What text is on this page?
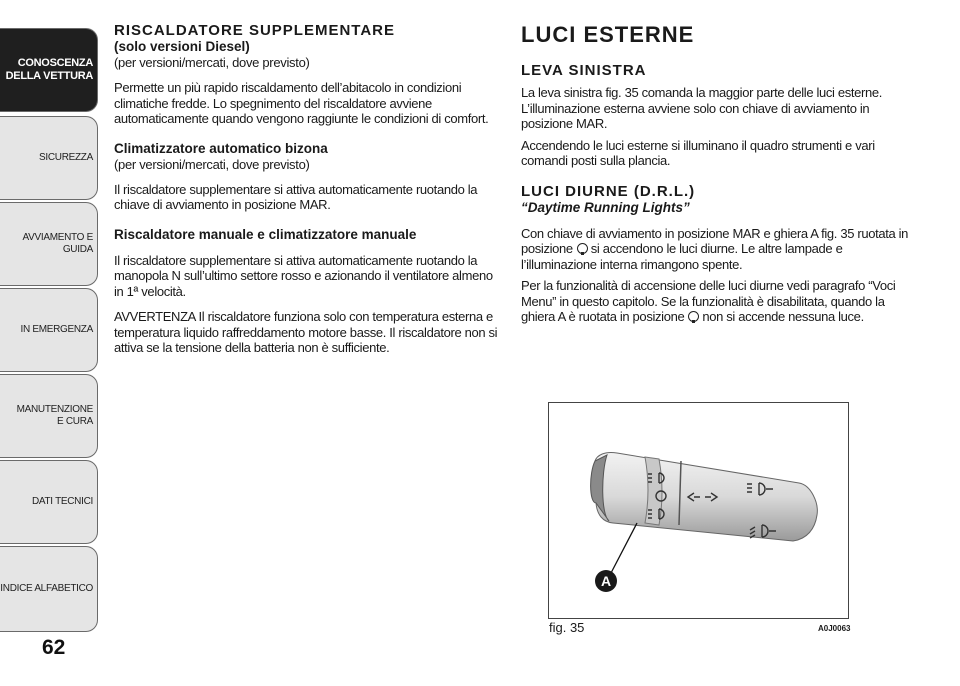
CONOSCENZA DELLA VETTURA
SICUREZZA
AVVIAMENTO E GUIDA
IN EMERGENZA
MANUTENZIONE E CURA
DATI TECNICI
INDICE ALFABETICO
62
RISCALDATORE SUPPLEMENTARE
(solo versioni Diesel)
(per versioni/mercati, dove previsto)

Permette un più rapido riscaldamento dell’abitacolo in condizioni climatiche fredde. Lo spegnimento del riscaldatore avviene automaticamente quando vengono raggiunte le condizioni di comfort.

Climatizzatore automatico bizona
(per versioni/mercati, dove previsto)

Il riscaldatore supplementare si attiva automaticamente ruotando la chiave di avviamento in posizione MAR.

Riscaldatore manuale e climatizzatore manuale

Il riscaldatore supplementare si attiva automaticamente ruotando la manopola N sull’ultimo settore rosso e azionando il ventilatore almeno in 1ª velocità.

AVVERTENZA Il riscaldatore funziona solo con temperatura esterna e temperatura liquido raffreddamento motore basse. Il riscaldatore non si attiva se la tensione della batteria non è sufficiente.

LUCI ESTERNE
LEVA SINISTRA

La leva sinistra fig. 35 comanda la maggior parte delle luci esterne. L’illuminazione esterna avviene solo con chiave di avviamento in posizione MAR.

Accendendo le luci esterne si illuminano il quadro strumenti e vari comandi posti sulla plancia.

LUCI DIURNE (D.R.L.)
“Daytime Running Lights”

Con chiave di avviamento in posizione MAR e ghiera A fig. 35 ruotata in posizione si accendono le luci diurne. Le altre lampade e l’illuminazione interna rimangono spente.

Per la funzionalità di accensione delle luci diurne vedi paragrafo “Voci Menu” in questo capitolo. Se la funzionalità è disabilitata, quando la ghiera A è ruotata in posizione non si accende nessuna luce.

A
fig. 35	A0J0063
